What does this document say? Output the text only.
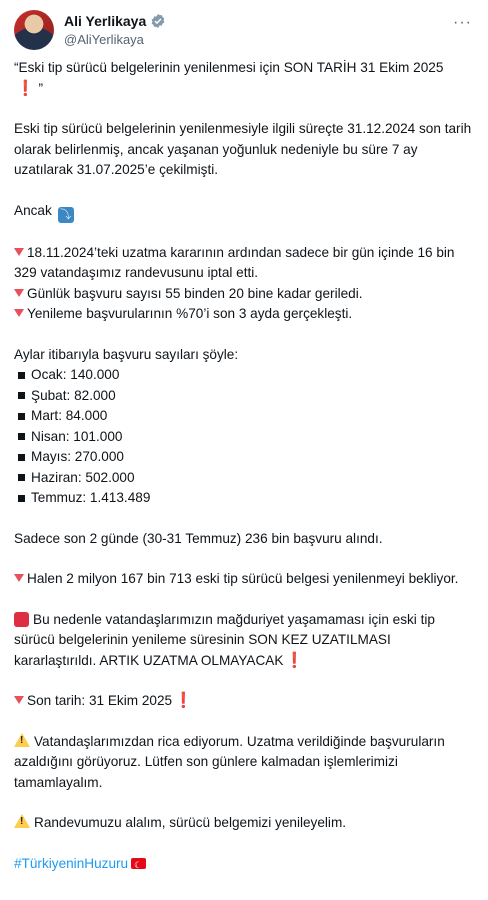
Ali Yerlikaya
@AliYerlikaya
···

“Eski tip sürücü belgelerinin yenilenmesi için SON TARİH 31 Ekim 2025
❗ ”

Eski tip sürücü belgelerinin yenilenmesiyle ilgili süreçte 31.12.2024 son tarih olarak belirlenmiş, ancak yaşanan yoğunluk nedeniyle bu süre 7 ay uzatılarak 31.07.2025’e çekilmişti.

Ancak ⤵

18.11.2024’teki uzatma kararının ardından sadece bir gün içinde 16 bin 329 vatandaşımız randevusunu iptal etti.

Günlük başvuru sayısı 55 binden 20 bine kadar geriledi.

Yenileme başvurularının %70’i son 3 ayda gerçekleşti.

Aylar itibarıyla başvuru sayıları şöyle:

Ocak: 140.000
Şubat: 82.000
Mart: 84.000
Nisan: 101.000
Mayıs: 270.000
Haziran: 502.000
Temmuz: 1.413.489

Sadece son 2 günde (30-31 Temmuz) 236 bin başvuru alındı.

Halen 2 milyon 167 bin 713 eski tip sürücü belgesi yenilenmeyi bekliyor.

Bu nedenle vatandaşlarımızın mağduriyet yaşamaması için eski tip sürücü belgelerinin yenileme süresinin SON KEZ UZATILMASI kararlaştırıldı. ARTIK UZATMA OLMAYACAK ❗

Son tarih: 31 Ekim 2025 ❗

!Vatandaşlarımızdan rica ediyorum. Uzatma verildiğinde başvuruların azaldığını görüyoruz. Lütfen son günlere kalmadan işlemlerimizi tamamlayalım.

!Randevumuzu alalım, sürücü belgemizi yenileyelim.

#TürkiyeninHuzuru☾
